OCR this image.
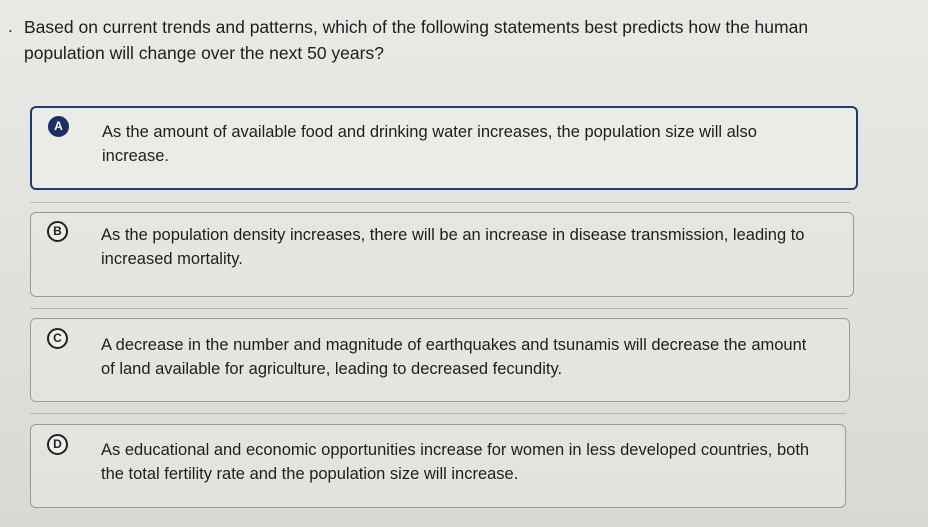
. Based on current trends and patterns, which of the following statements best predicts how the human population will change over the next 50 years?
A	As the amount of available food and drinking water increases, the population size will also increase.
B	As the population density increases, there will be an increase in disease transmission, leading to increased mortality.
C	A decrease in the number and magnitude of earthquakes and tsunamis will decrease the amount of land available for agriculture, leading to decreased fecundity.
D	As educational and economic opportunities increase for women in less developed countries, both the total fertility rate and the population size will increase.
